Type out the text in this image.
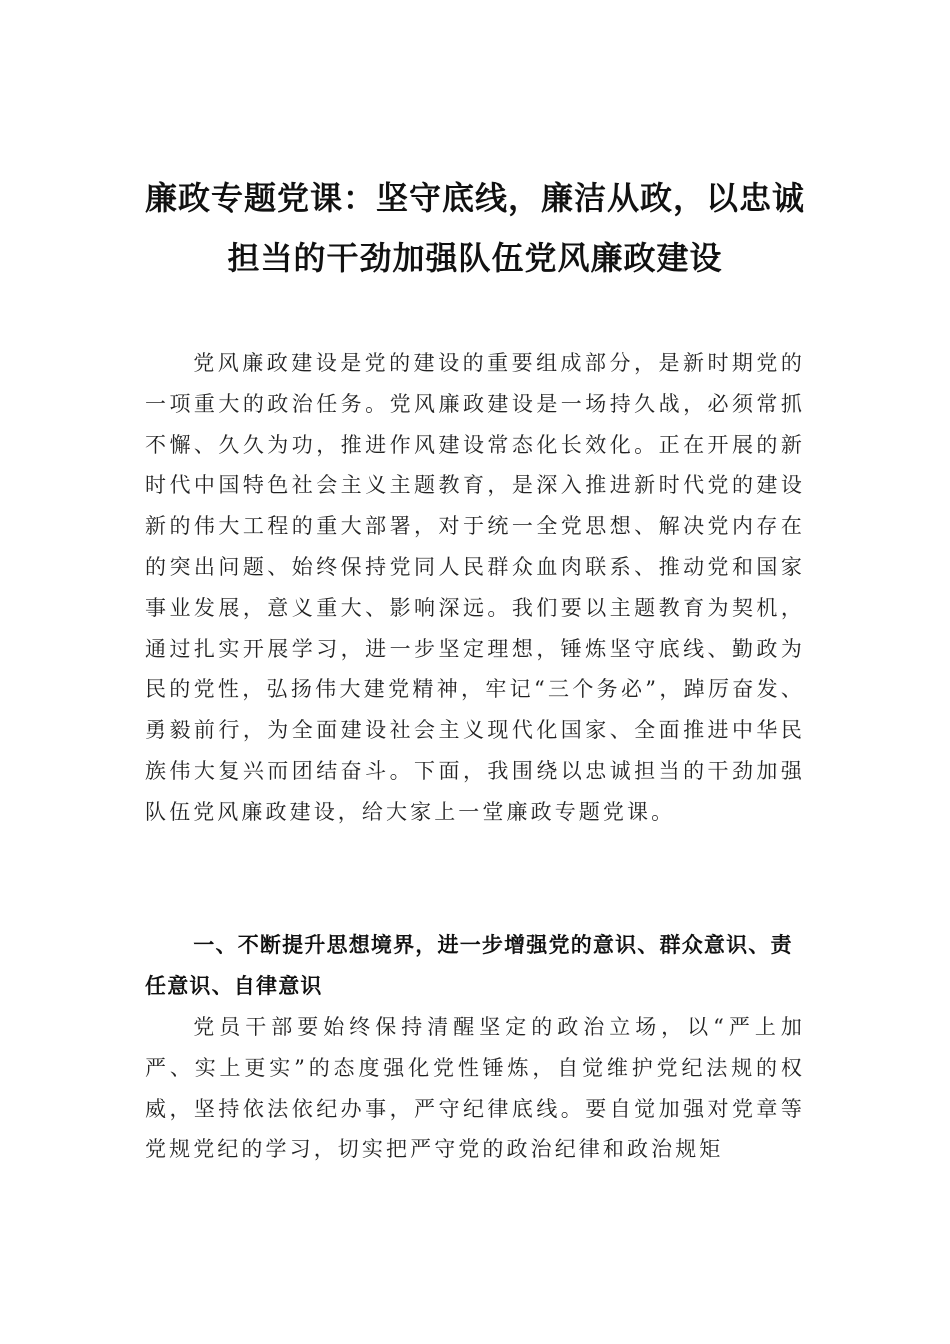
廉政专题党课：坚守底线，廉洁从政，以忠诚担当的干劲加强队伍党风廉政建设

党风廉政建设是党的建设的重要组成部分，是新时期党的一项重大的政治任务。党风廉政建设是一场持久战，必须常抓不懈、久久为功，推进作风建设常态化长效化。正在开展的新时代中国特色社会主义主题教育，是深入推进新时代党的建设新的伟大工程的重大部署，对于统一全党思想、解决党内存在的突出问题、始终保持党同人民群众血肉联系、推动党和国家事业发展，意义重大、影响深远。我们要以主题教育为契机，通过扎实开展学习，进一步坚定理想，锤炼坚守底线、勤政为民的党性，弘扬伟大建党精神，牢记“三个务必”，踔厉奋发、勇毅前行，为全面建设社会主义现代化国家、全面推进中华民族伟大复兴而团结奋斗。下面，我围绕以忠诚担当的干劲加强队伍党风廉政建设，给大家上一堂廉政专题党课。

一、不断提升思想境界，进一步增强党的意识、群众意识、责任意识、自律意识

党员干部要始终保持清醒坚定的政治立场，以“严上加严、实上更实”的态度强化党性锤炼，自觉维护党纪法规的权威，坚持依法依纪办事，严守纪律底线。要自觉加强对党章等党规党纪的学习，切实把严守党的政治纪律和政治规矩
